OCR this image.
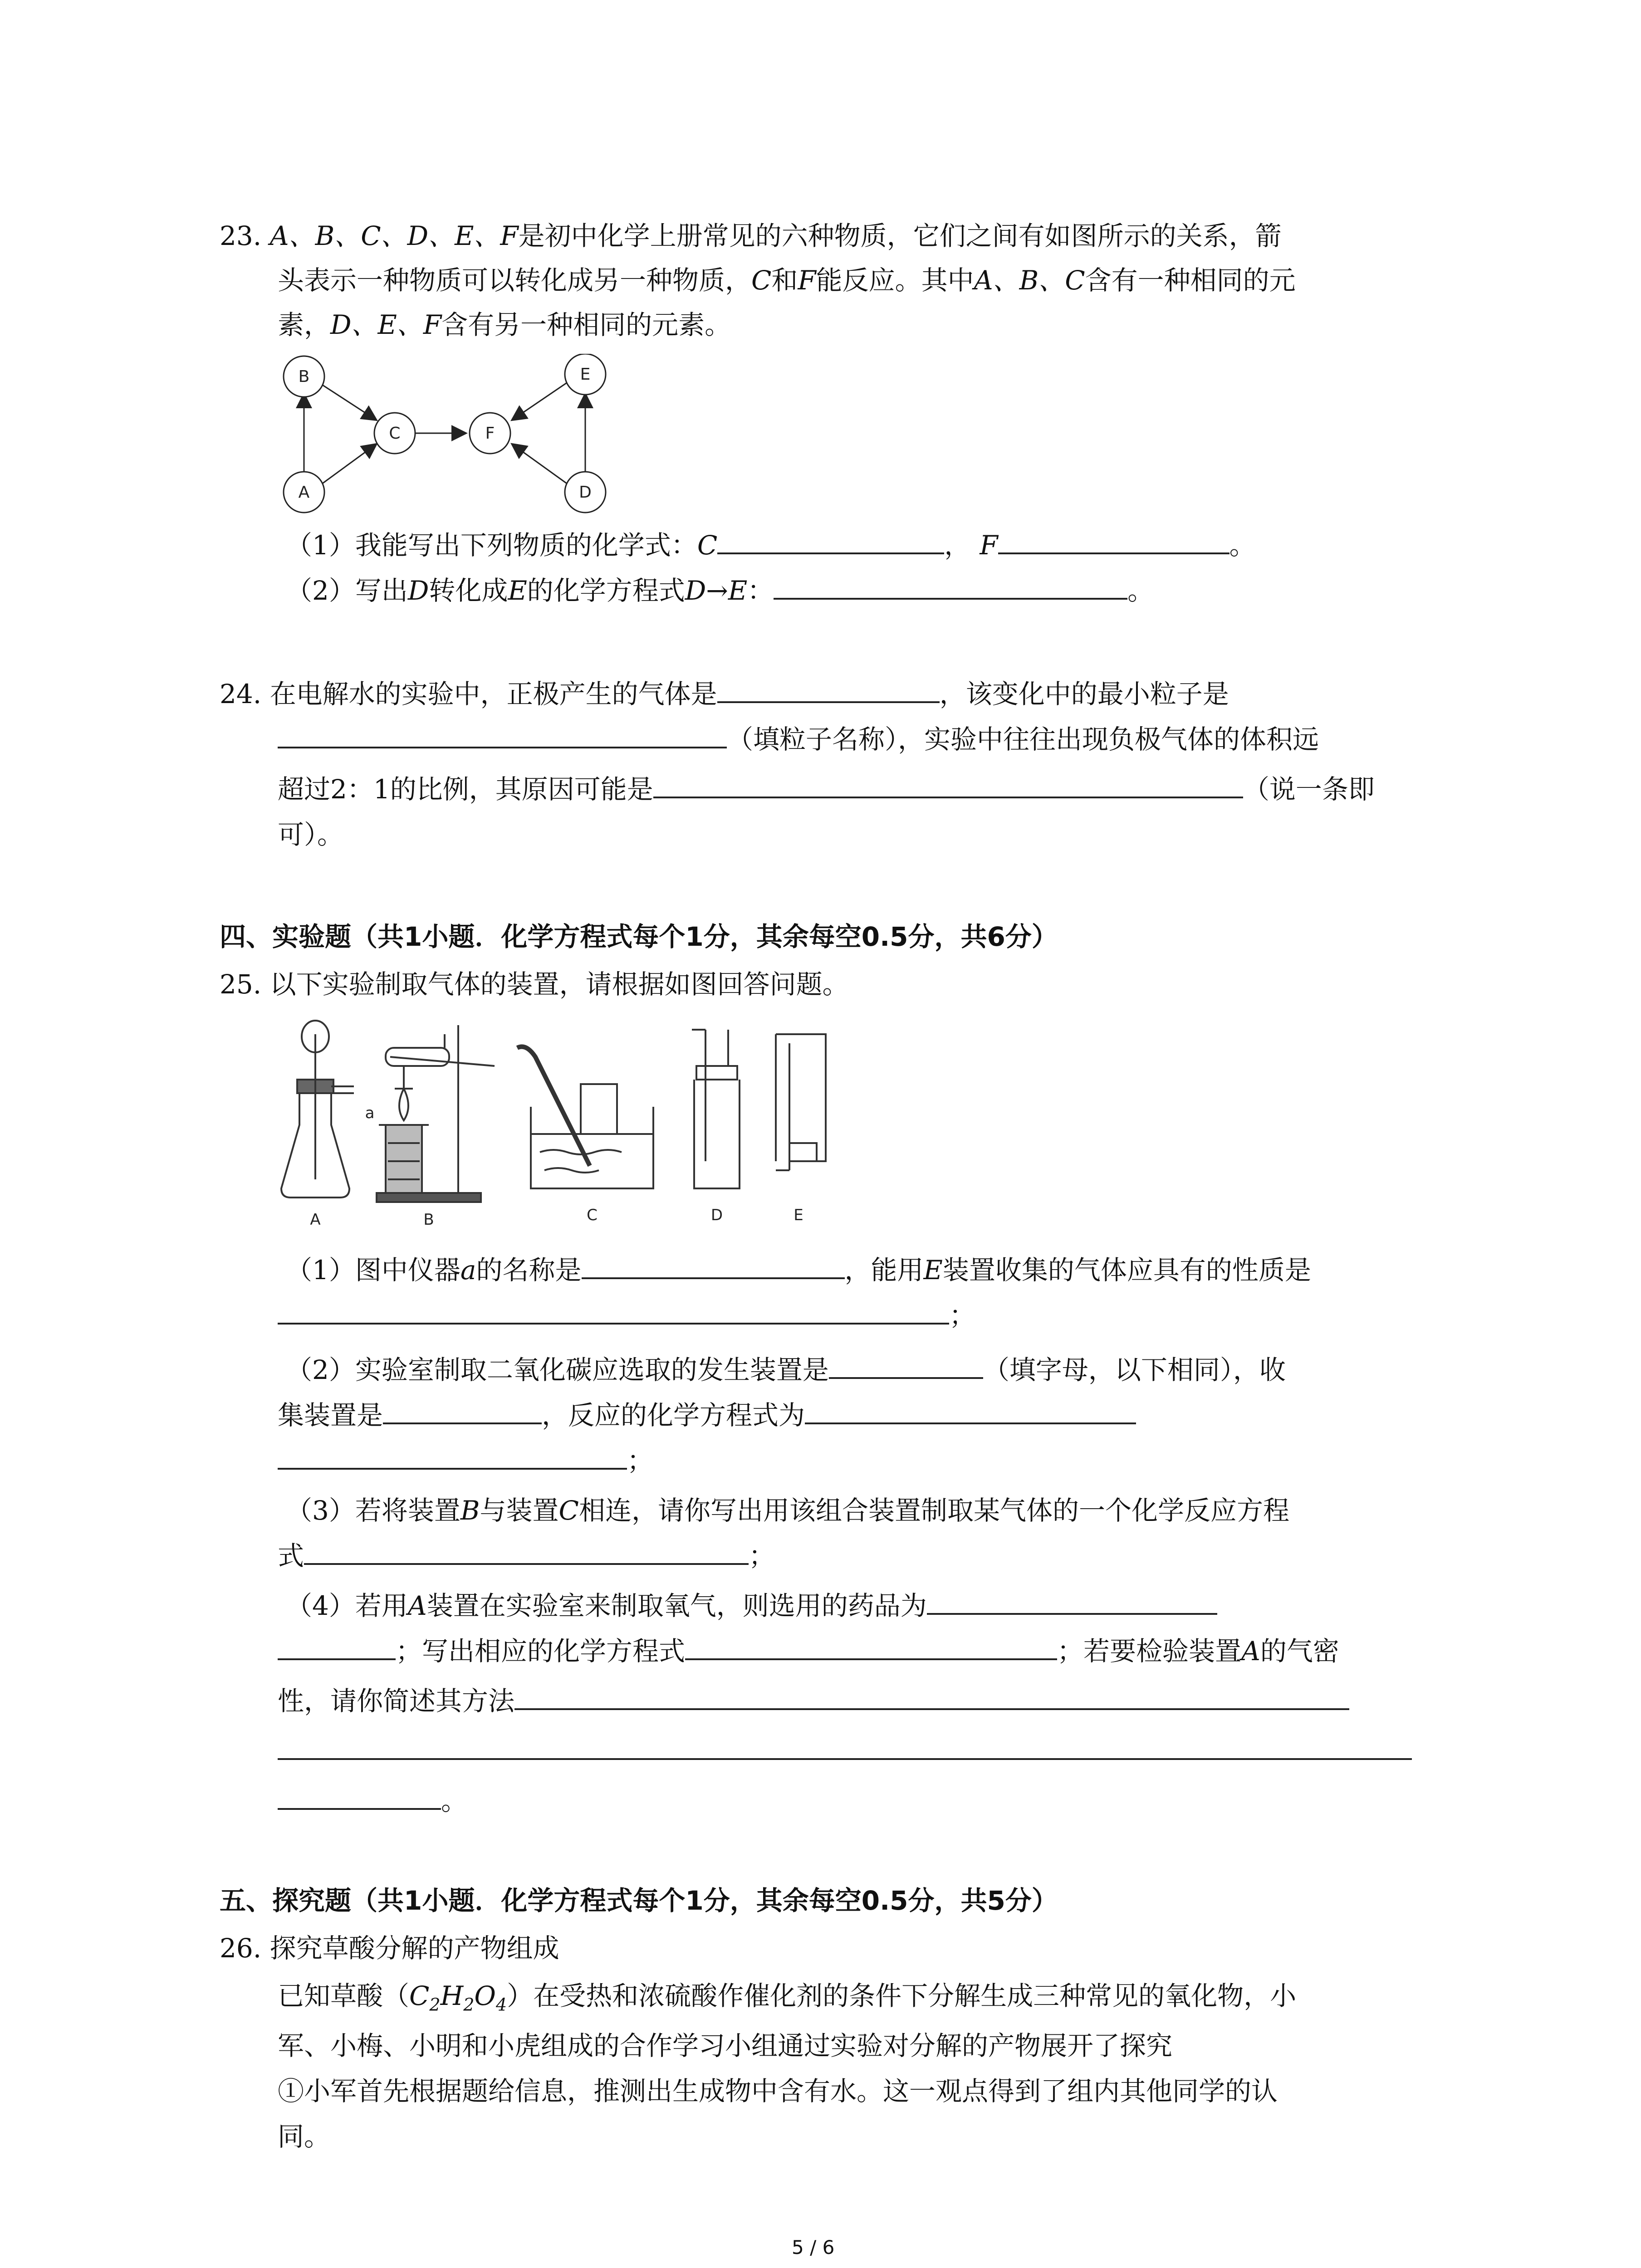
23. A、B、C、D、E、F是初中化学上册常见的六种物质，它们之间有如图所示的关系，箭
头表示一种物质可以转化成另一种物质，C和F能反应。其中A、B、C含有一种相同的元
素，D、E、F含有另一种相同的元素。
B
C
A
E
F
D
（1）我能写出下列物质的化学式：C	， F	。
（2）写出D转化成E的化学方程式D→E：	。
24. 在电解水的实验中，正极产生的气体是	，该变化中的最小粒子是
（填粒子名称），实验中往往出现负极气体的体积远
超过2：1的比例，其原因可能是	（说一条即
可）。
四、实验题（共1小题．化学方程式每个1分，其余每空0.5分，共6分）
25. 以下实验制取气体的装置，请根据如图回答问题。
A	B	C	D	E
a
（1）图中仪器a的名称是	，能用E装置收集的气体应具有的性质是
；
（2）实验室制取二氧化碳应选取的发生装置是	（填字母，以下相同），收
集装置是	，反应的化学方程式为
；
（3）若将装置B与装置C相连，请你写出用该组合装置制取某气体的一个化学反应方程
式	；
（4）若用A装置在实验室来制取氧气，则选用的药品为
；写出相应的化学方程式	；若要检验装置A的气密
性，请你简述其方法
。
五、探究题（共1小题．化学方程式每个1分，其余每空0.5分，共5分）
26. 探究草酸分解的产物组成
已知草酸$(C_2H_2O_4)$在受热和浓硫酸作催化剂的条件下分解生成三种常见的氧化物，小
军、小梅、小明和小虎组成的合作学习小组通过实验对分解的产物展开了探究
①小军首先根据题给信息，推测出生成物中含有水。这一观点得到了组内其他同学的认
同。
5 / 6
